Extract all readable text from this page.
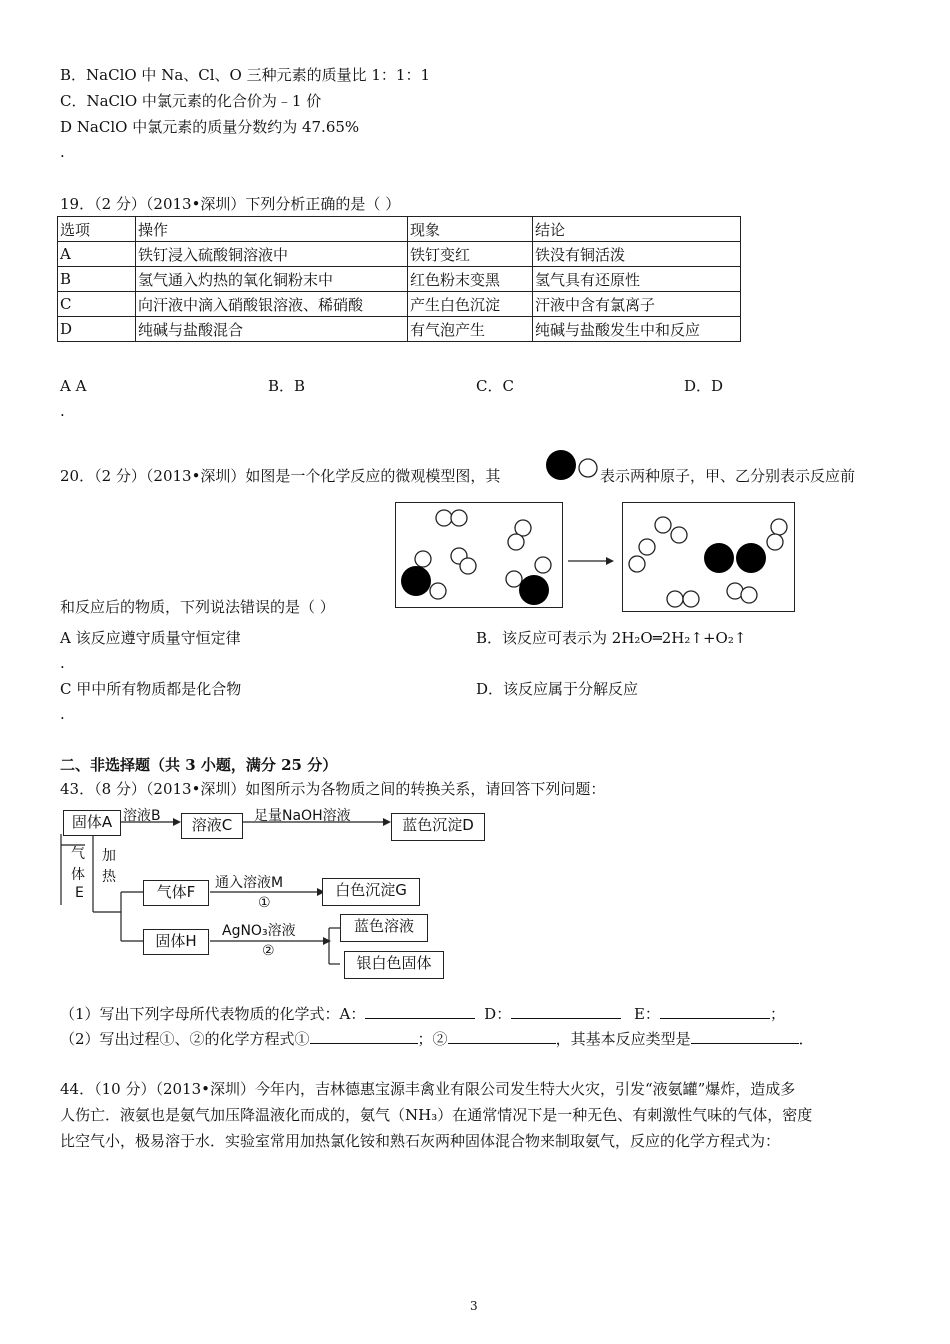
B．NaClO 中 Na、Cl、O 三种元素的质量比 1：1：1
C．NaClO 中氯元素的化合价为﹣1 价
D NaClO 中氯元素的质量分数约为 47.65%
.
19．（2 分）（2013•深圳）下列分析正确的是（ ）
选项	操作	现象	结论
A	铁钉浸入硫酸铜溶液中	铁钉变红	铁没有铜活泼
B	氢气通入灼热的氧化铜粉末中	红色粉末变黑	氢气具有还原性
C	向汗液中滴入硝酸银溶液、稀硝酸	产生白色沉淀	汗液中含有氯离子
D	纯碱与盐酸混合	有气泡产生	纯碱与盐酸发生中和反应
A A	B．B	C．C	D．D
.
20．（2 分）（2013•深圳）如图是一个化学反应的微观模型图，其	表示两种原子，甲、乙分别表示反应前
和反应后的物质，下列说法错误的是（ ）
A 该反应遵守质量守恒定律	B．该反应可表示为 2H₂O═2H₂↑+O₂↑
.
C 甲中所有物质都是化合物	D．该反应属于分解反应
.
二、非选择题（共 3 小题，满分 25 分）
43．（8 分）（2013•深圳）如图所示为各物质之间的转换关系，请回答下列问题：
固体A 溶液B	溶液C	足量NaOH溶液	蓝色沉淀D
气
体
E
加
热
气体F	通入溶液M
①
白色沉淀G
固体H
AgNO₃溶液
②
蓝色溶液
银白色固体
（1）写出下列字母所代表物质的化学式：A：	D：	E：	；
（2）写出过程①、②的化学方程式①	；②	，其基本反应类型是	．
44．（10 分）（2013•深圳）今年内，吉林德惠宝源丰禽业有限公司发生特大火灾，引发“液氨罐”爆炸，造成多
人伤亡．液氨也是氨气加压降温液化而成的，氨气（NH₃）在通常情况下是一种无色、有刺激性气味的气体，密度
比空气小，极易溶于水．实验室常用加热氯化铵和熟石灰两种固体混合物来制取氨气，反应的化学方程式为：
3
